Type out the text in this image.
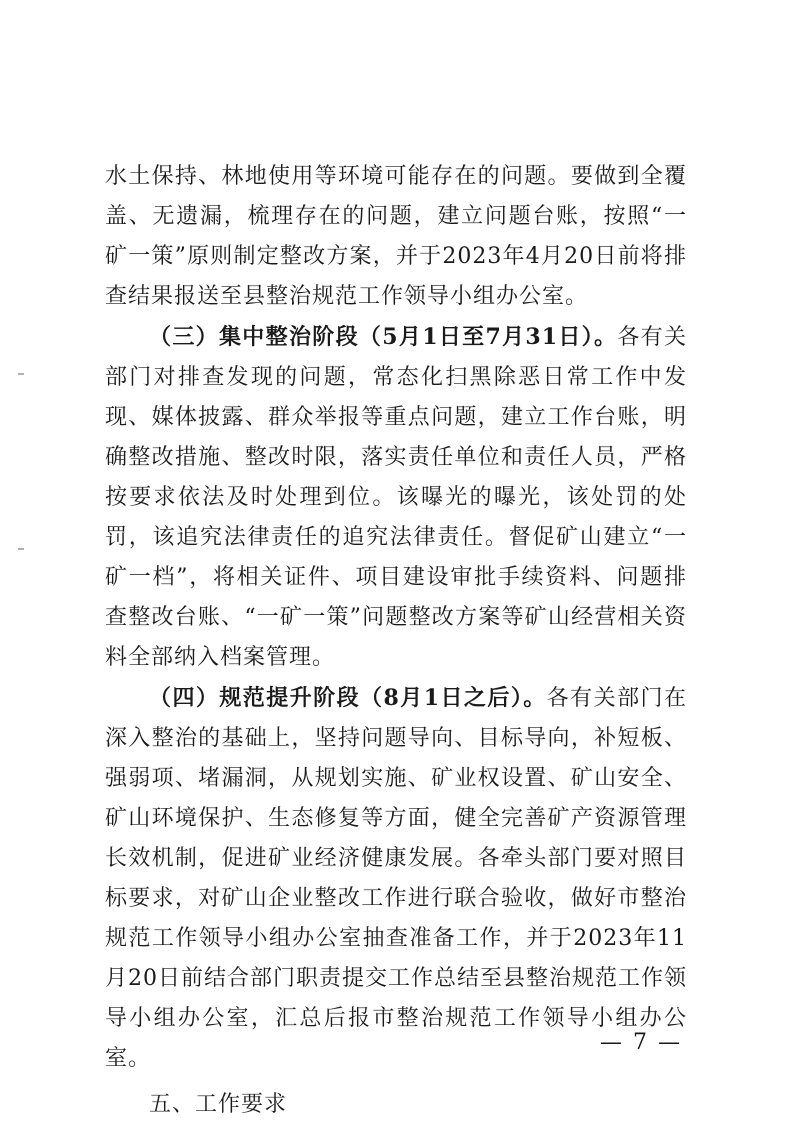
水土保持、林地使用等环境可能存在的问题。要做到全覆盖、无遗漏，梳理存在的问题，建立问题台账，按照“一矿一策”原则制定整改方案，并于2023年4月20日前将排查结果报送至县整治规范工作领导小组办公室。

（三）集中整治阶段（5月1日至7月31日）。各有关部门对排查发现的问题，常态化扫黑除恶日常工作中发现、媒体披露、群众举报等重点问题，建立工作台账，明确整改措施、整改时限，落实责任单位和责任人员，严格按要求依法及时处理到位。该曝光的曝光，该处罚的处罚，该追究法律责任的追究法律责任。督促矿山建立“一矿一档”，将相关证件、项目建设审批手续资料、问题排查整改台账、“一矿一策”问题整改方案等矿山经营相关资料全部纳入档案管理。

（四）规范提升阶段（8月1日之后）。各有关部门在深入整治的基础上，坚持问题导向、目标导向，补短板、强弱项、堵漏洞，从规划实施、矿业权设置、矿山安全、矿山环境保护、生态修复等方面，健全完善矿产资源管理长效机制，促进矿业经济健康发展。各牵头部门要对照目标要求，对矿山企业整改工作进行联合验收，做好市整治规范工作领导小组办公室抽查准备工作，并于2023年11月20日前结合部门职责提交工作总结至县整治规范工作领导小组办公室，汇总后报市整治规范工作领导小组办公室。

五、工作要求

— 7 —
